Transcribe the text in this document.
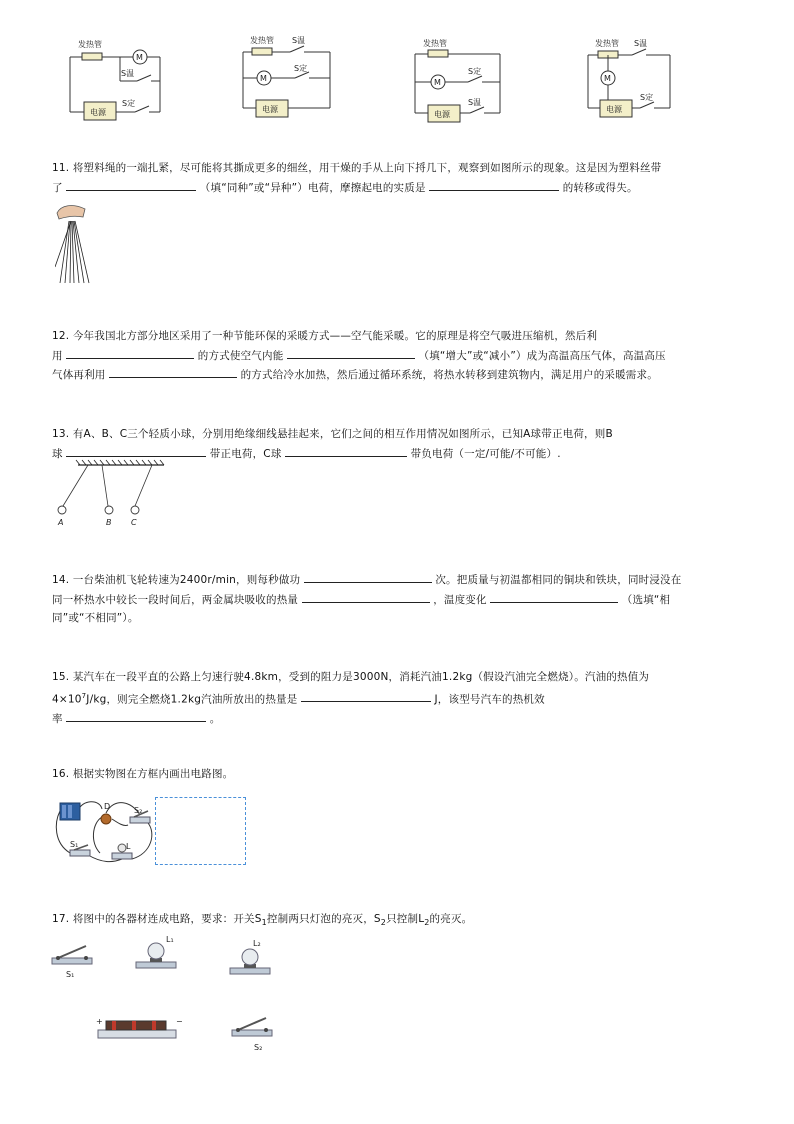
发热管
M
S温
电源
S定
发热管 S温
M
S定
电源
发热管
M
S定
电源
S温
发热管 S温
M
电源
S定
11. 将塑料绳的一端扎紧，尽可能将其撕成更多的细丝，用干燥的手从上向下捋几下，观察到如图所示的现象。这是因为塑料丝带
了	（填“同种”或“异种”）电荷，摩擦起电的实质是	的转移或得失。
12. 今年我国北方部分地区采用了一种节能环保的采暖方式——空气能采暖。它的原理是将空气吸进压缩机，然后利
用	的方式使空气内能	（填“增大”或“减小”）成为高温高压气体，高温高压
气体再利用	的方式给冷水加热，然后通过循环系统，将热水转移到建筑物内，满足用户的采暖需求。
13. 有A、B、C三个轻质小球，分别用绝缘细线悬挂起来，它们之间的相互作用情况如图所示，已知A球带正电荷，则B
球	带正电荷，C球	带负电荷（一定/可能/不可能）.
A	B C
14. 一台柴油机飞轮转速为2400r/min，则每秒做功	次。把质量与初温都相同的铜块和铁块，同时浸没在
同一杯热水中较长一段时间后，两金属块吸收的热量	，温度变化	（选填“相
同”或“不相同”）。
15. 某汽车在一段平直的公路上匀速行驶4.8km，受到的阻力是3000N，消耗汽油1.2kg（假设汽油完全燃烧）。汽油的热值为
$4\times 10^7J/kg$，则完全燃烧1.2kg汽油所放出的热量是	J，该型号汽车的热机效
率	。
16. 根据实物图在方框内画出电路图。
D	S₂
S₁	L
17. 将图中的各器材连成电路，要求：开关$S_1$控制两只灯泡的亮灭，$S_2$只控制$L_2$的亮灭。
S₁
L₁	L₂
+	−
S₂
